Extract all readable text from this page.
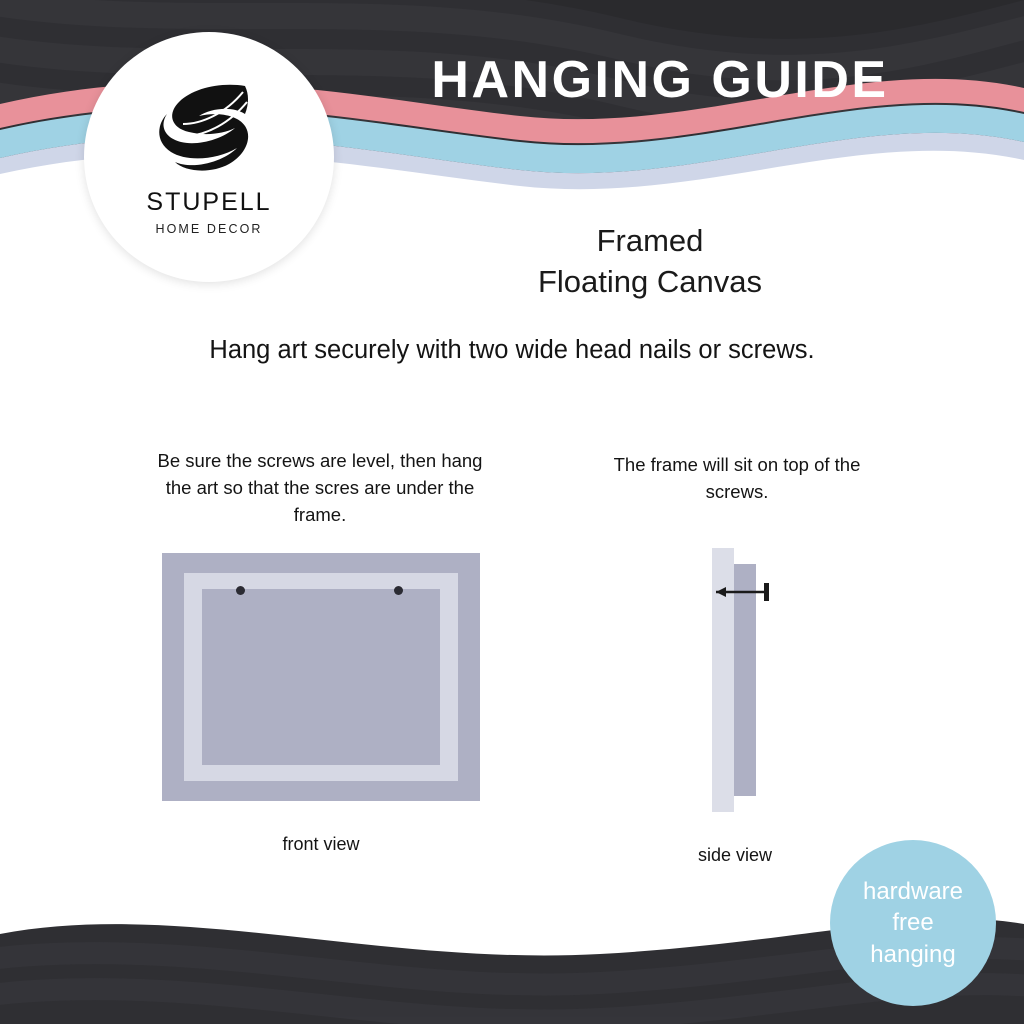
STUPELL
HOME DECOR
HANGING GUIDE
Framed
Floating Canvas
Hang art securely with two wide head nails or screws.
Be sure the screws are level, then hang the art so that the scres are under the frame.
The frame will sit on top of the screws.
front view
side view
hardware
free
hanging
